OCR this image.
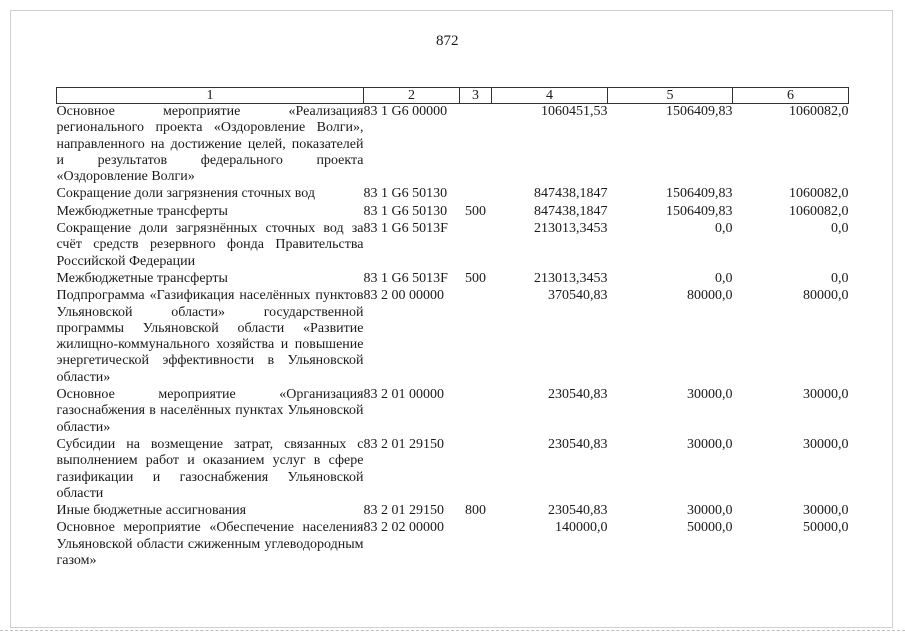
872
1	2	3	4	5	6
Основное мероприятие «Реализация регионального проекта «Оздоровление Волги», направленного на достижение целей, показателей и результатов федерального проекта «Оздоровление Волги»	83 1 G6 00000		1060451,53	1506409,83	1060082,0
Сокращение доли загрязнения сточных вод	83 1 G6 50130		847438,1847	1506409,83	1060082,0
Межбюджетные трансферты	83 1 G6 50130	500	847438,1847	1506409,83	1060082,0
Сокращение доли загрязнённых сточных вод за счёт средств резервного фонда Правительства Российской Федерации	83 1 G6 5013F		213013,3453	0,0	0,0
Межбюджетные трансферты	83 1 G6 5013F	500	213013,3453	0,0	0,0
Подпрограмма «Газификация населённых пунктов Ульяновской области» государственной программы Ульяновской области «Развитие жилищно-коммунального хозяйства и повышение энергетической эффективности в Ульяновской области»	83 2 00 00000		370540,83	80000,0	80000,0
Основное мероприятие «Организация газоснабжения в населённых пунктах Ульяновской области»	83 2 01 00000		230540,83	30000,0	30000,0
Субсидии на возмещение затрат, связанных с выполнением работ и оказанием услуг в сфере газификации и газоснабжения Ульяновской области	83 2 01 29150		230540,83	30000,0	30000,0
Иные бюджетные ассигнования	83 2 01 29150	800	230540,83	30000,0	30000,0
Основное мероприятие «Обеспечение населения Ульяновской области сжиженным углеводородным газом»	83 2 02 00000		140000,0	50000,0	50000,0
